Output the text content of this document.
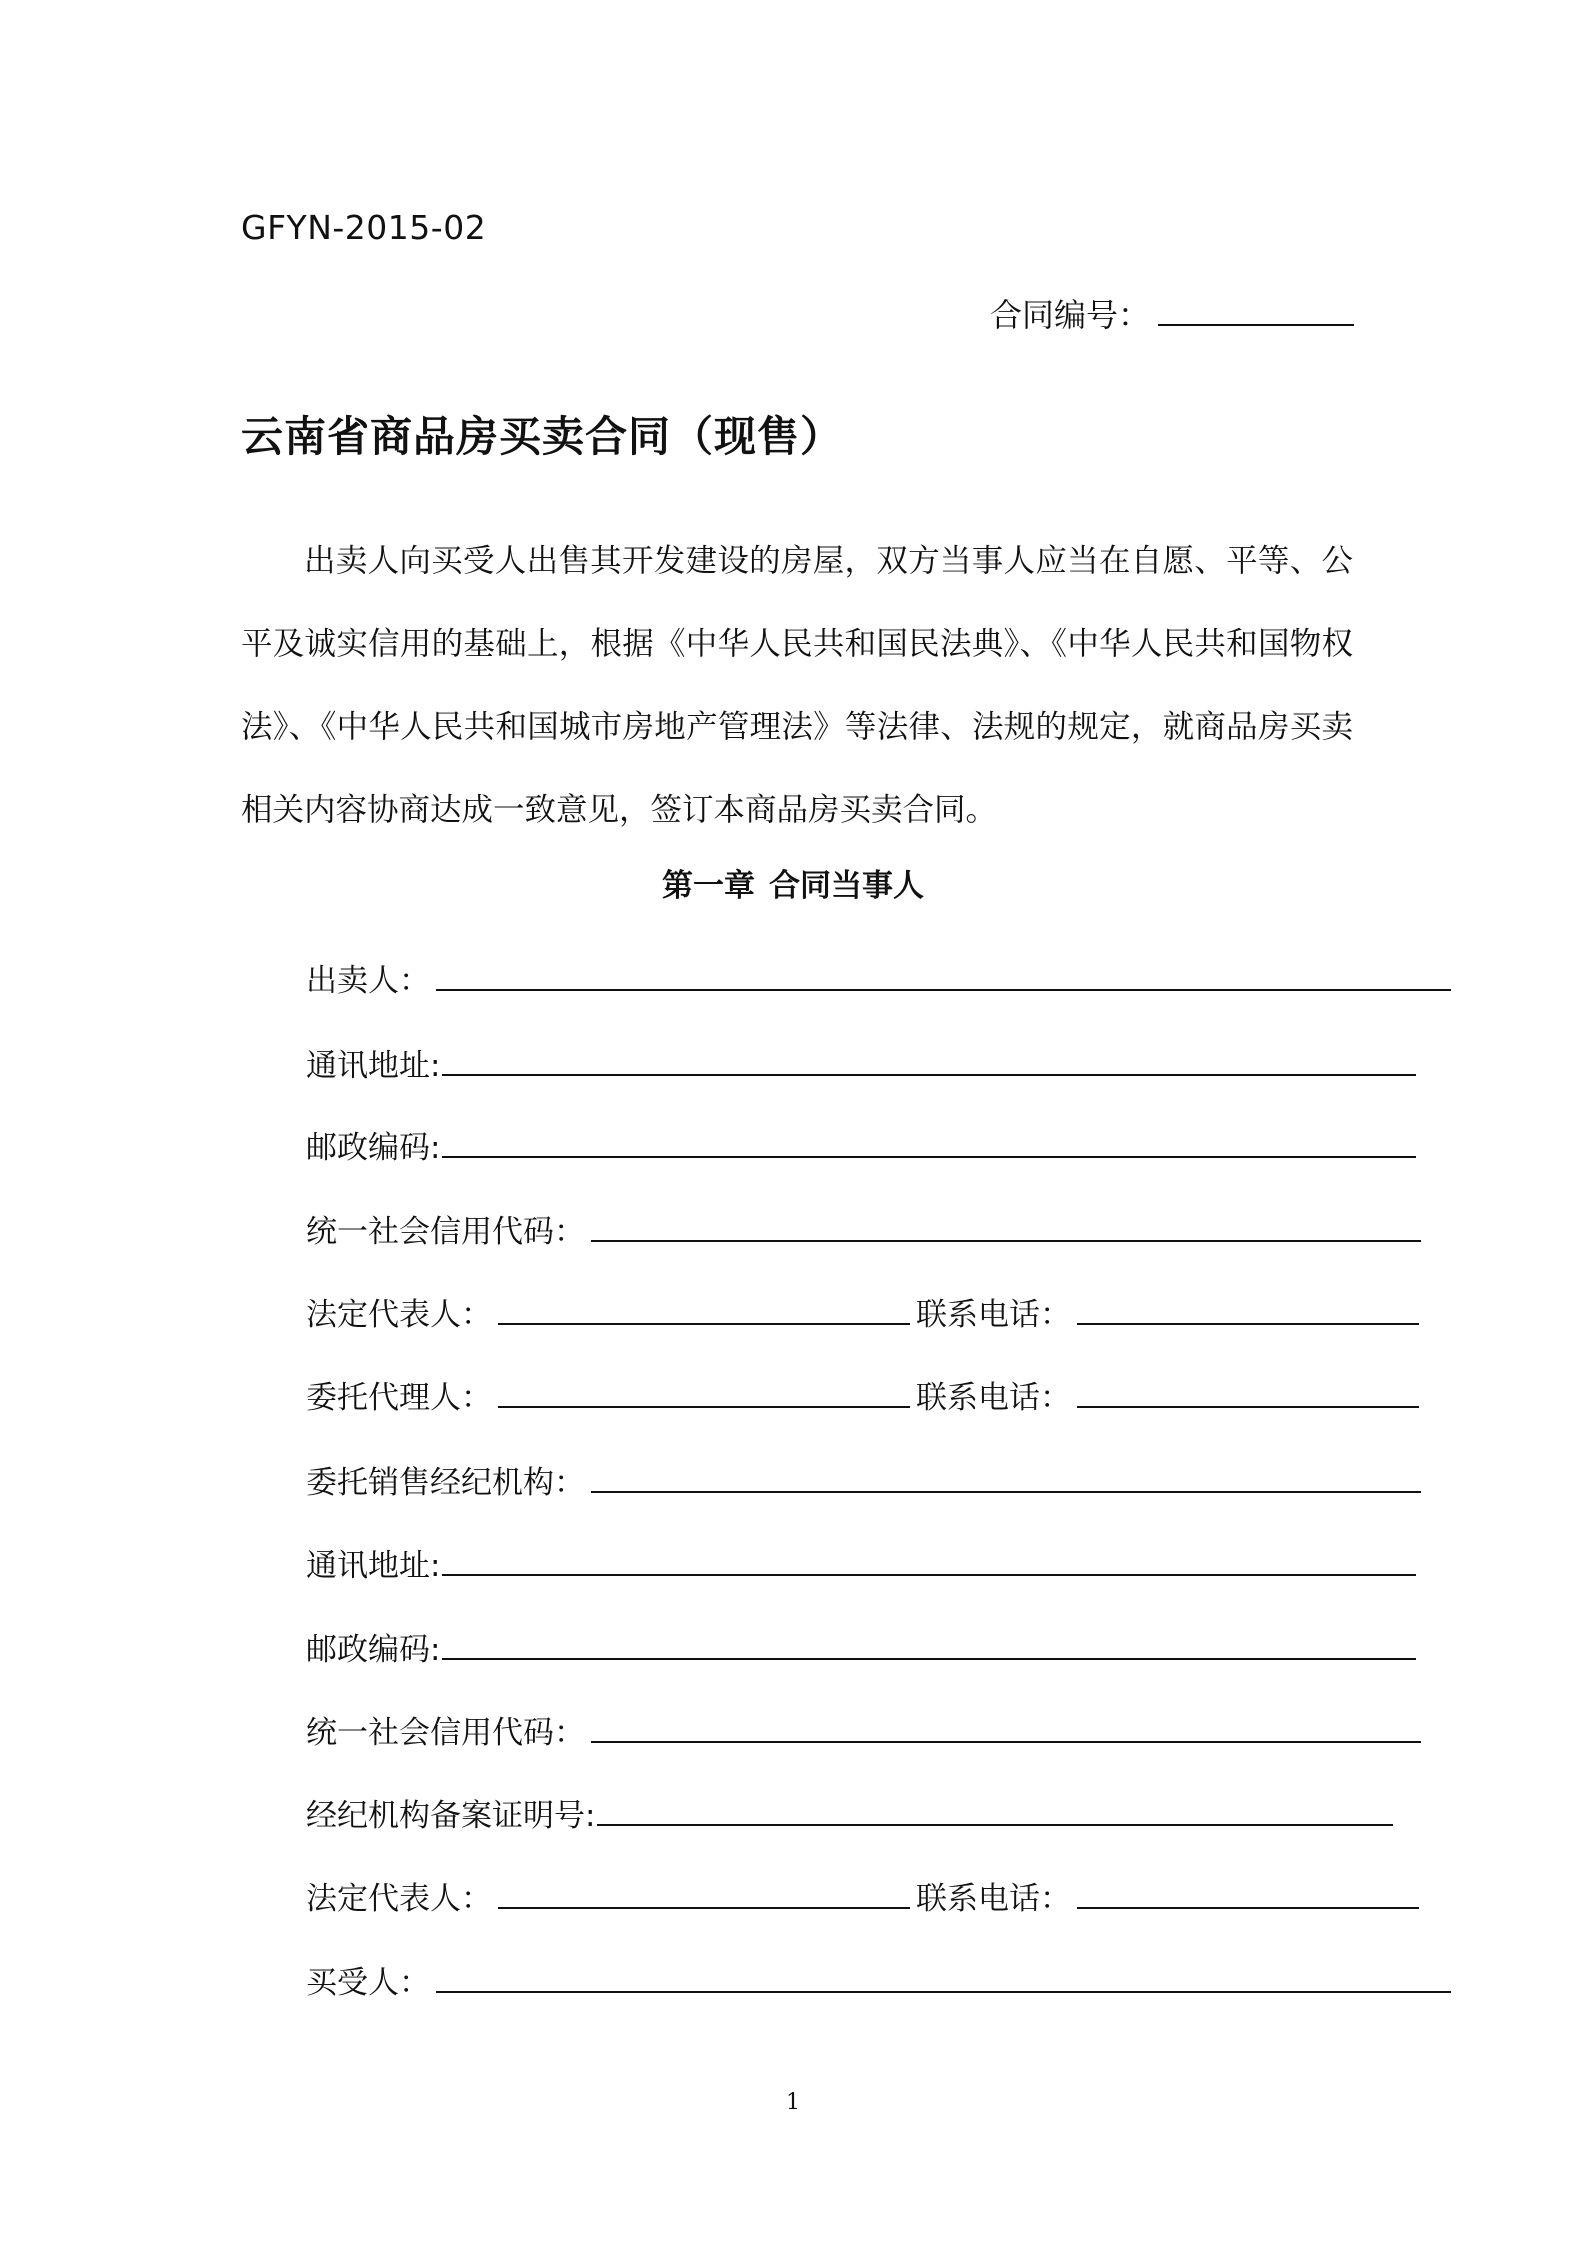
GFYN-2015-02
合同编号：
云南省商品房买卖合同（现售）

出卖人向买受人出售其开发建设的房屋，双方当事人应当在自愿、平等、公平及诚实信用的基础上，根据《中华人民共和国民法典》、《中华人民共和国物权法》、《中华人民共和国城市房地产管理法》等法律、法规的规定，就商品房买卖相关内容协商达成一致意见，签订本商品房买卖合同。

第一章 合同当事人
出卖人：
通讯地址:
邮政编码:
统一社会信用代码：
法定代表人：	联系电话：
委托代理人：	联系电话：
委托销售经纪机构：
通讯地址:
邮政编码:
统一社会信用代码：
经纪机构备案证明号:
法定代表人：	联系电话：
买受人：
1
